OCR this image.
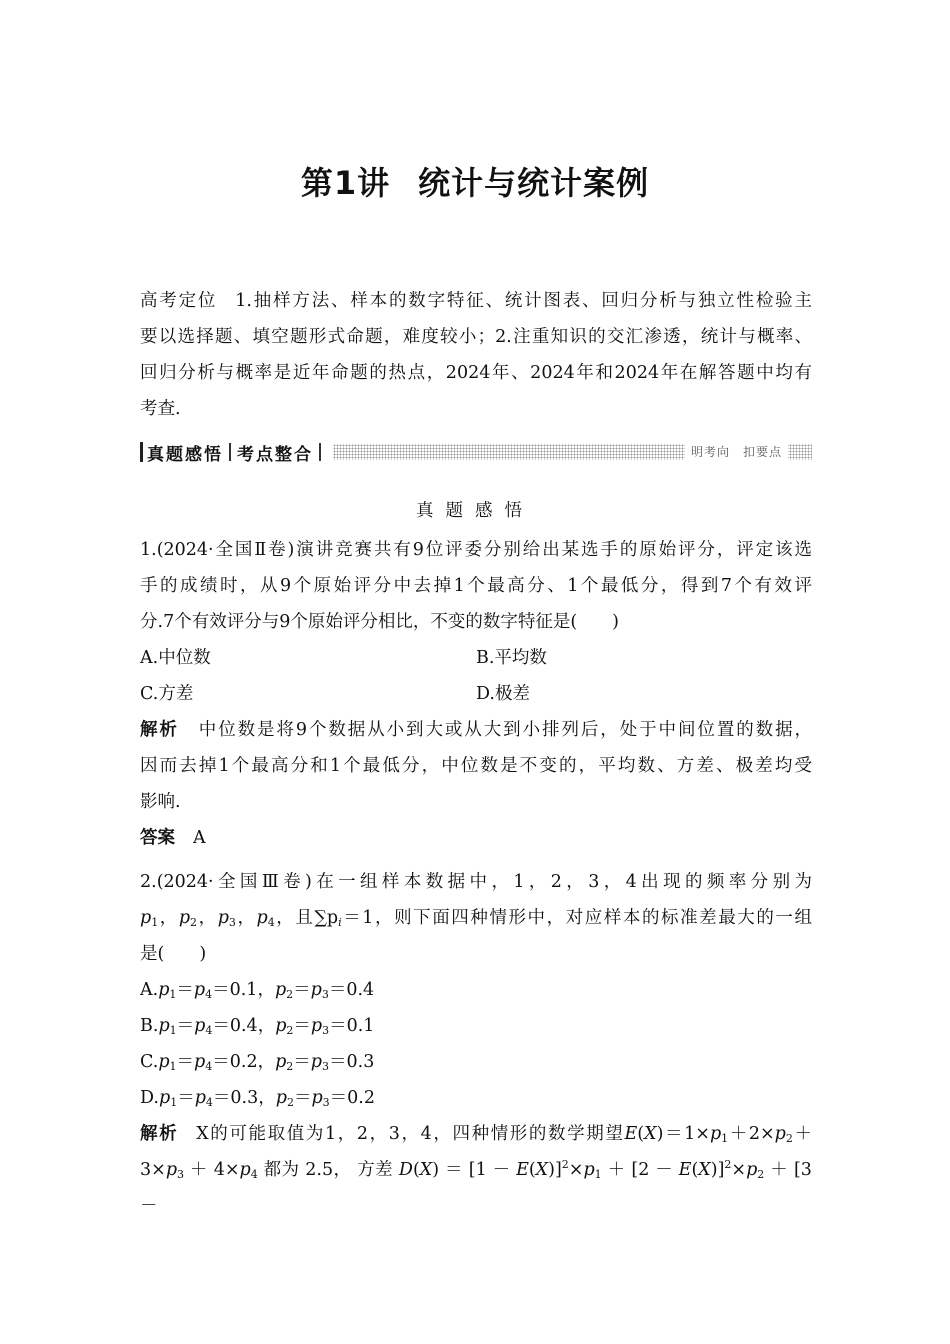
第1讲 统计与统计案例
高考定位 1.抽样方法、样本的数字特征、统计图表、回归分析与独立性检验主
要以选择题、填空题形式命题，难度较小；2.注重知识的交汇渗透，统计与概率、
回归分析与概率是近年命题的热点，2024年、2024年和2024年在解答题中均有
考查.
真题感悟 考点整合	明考向　扣要点
真题感悟
1.(2024·全国Ⅱ卷)演讲竞赛共有9位评委分别给出某选手的原始评分，评定该选
手的成绩时，从9个原始评分中去掉1个最高分、1个最低分，得到7个有效评
分.7个有效评分与9个原始评分相比，不变的数字特征是(　　)
A.中位数	B.平均数
C.方差	D.极差
解析 中位数是将9个数据从小到大或从大到小排列后，处于中间位置的数据，
因而去掉1个最高分和1个最低分，中位数是不变的，平均数、方差、极差均受
影响.
答案 A
2.(2024·全国Ⅲ卷)在一组样本数据中，1，2，3，4出现的频率分别为
$p_1$，$p_2$，$p_3$，$p_4$，且$\sum p_i=1$，则下面四种情形中，对应样本的标准差最大的一组
是(　　)
$A.p_1=p_4=0.1$，$p_2=p_3=0.4$
$B.p_1=p_4=0.4$，$p_2=p_3=0.1$
$C.p_1=p_4=0.2$，$p_2=p_3=0.3$
$D.p_1=p_4=0.3$，$p_2=p_3=0.2$
解析 X的可能取值为1，2，3，4，四种情形的数学期望$E(X)=1\times p_1+2\times p_2+$
$3\times p_3 + 4\times p_4$ 都为 2.5， 方差 $D(X) = [1 - E(X)]^2\times p_1 + [2 - E(X)]^2\times p_2 + [3$ －
